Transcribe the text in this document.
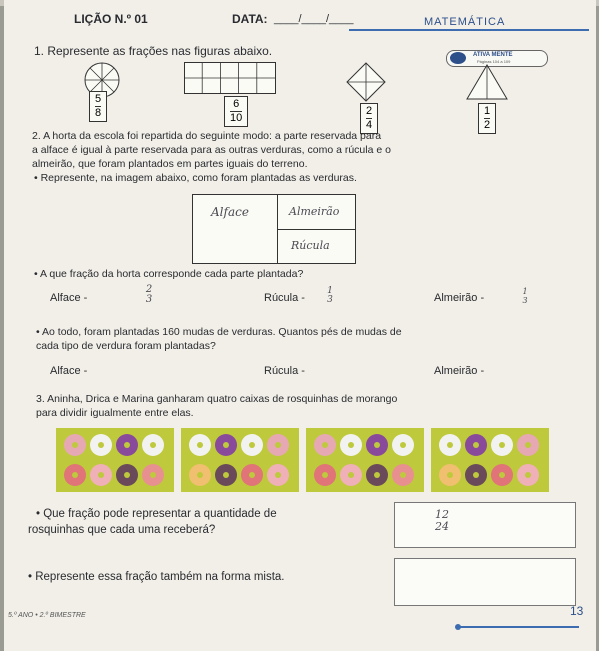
LIÇÃO N.º 01	DATA: ____/____/____	MATEMÁTICA
1. Represente as frações nas figuras abaixo.	ATIVA MENTE
Páginas 104 a 109
5
8
6
10
2
4
1
2
2. A horta da escola foi repartida do seguinte modo: a parte reservada para
a alface é igual à parte reservada para as outras verduras, como a rúcula e o
almeirão, que foram plantados em partes iguais do terreno.
• Represente, na imagem abaixo, como foram plantadas as verduras.
Alface	Almeirão
Rúcula
• A que fração da horta corresponde cada parte plantada?
Alface -
2
3	Rúcula -
1
3	Almeirão -
1
3
• Ao todo, foram plantadas 160 mudas de verduras. Quantos pés de mudas de
cada tipo de verdura foram plantadas?
Alface -	Rúcula -	Almeirão -
3. Aninha, Drica e Marina ganharam quatro caixas de rosquinhas de morango
para dividir igualmente entre elas.
• Que fração pode representar a quantidade de
rosquinhas que cada uma receberá?
12
24
• Represente essa fração também na forma mista.
5.º ANO • 2.º BIMESTRE	13
